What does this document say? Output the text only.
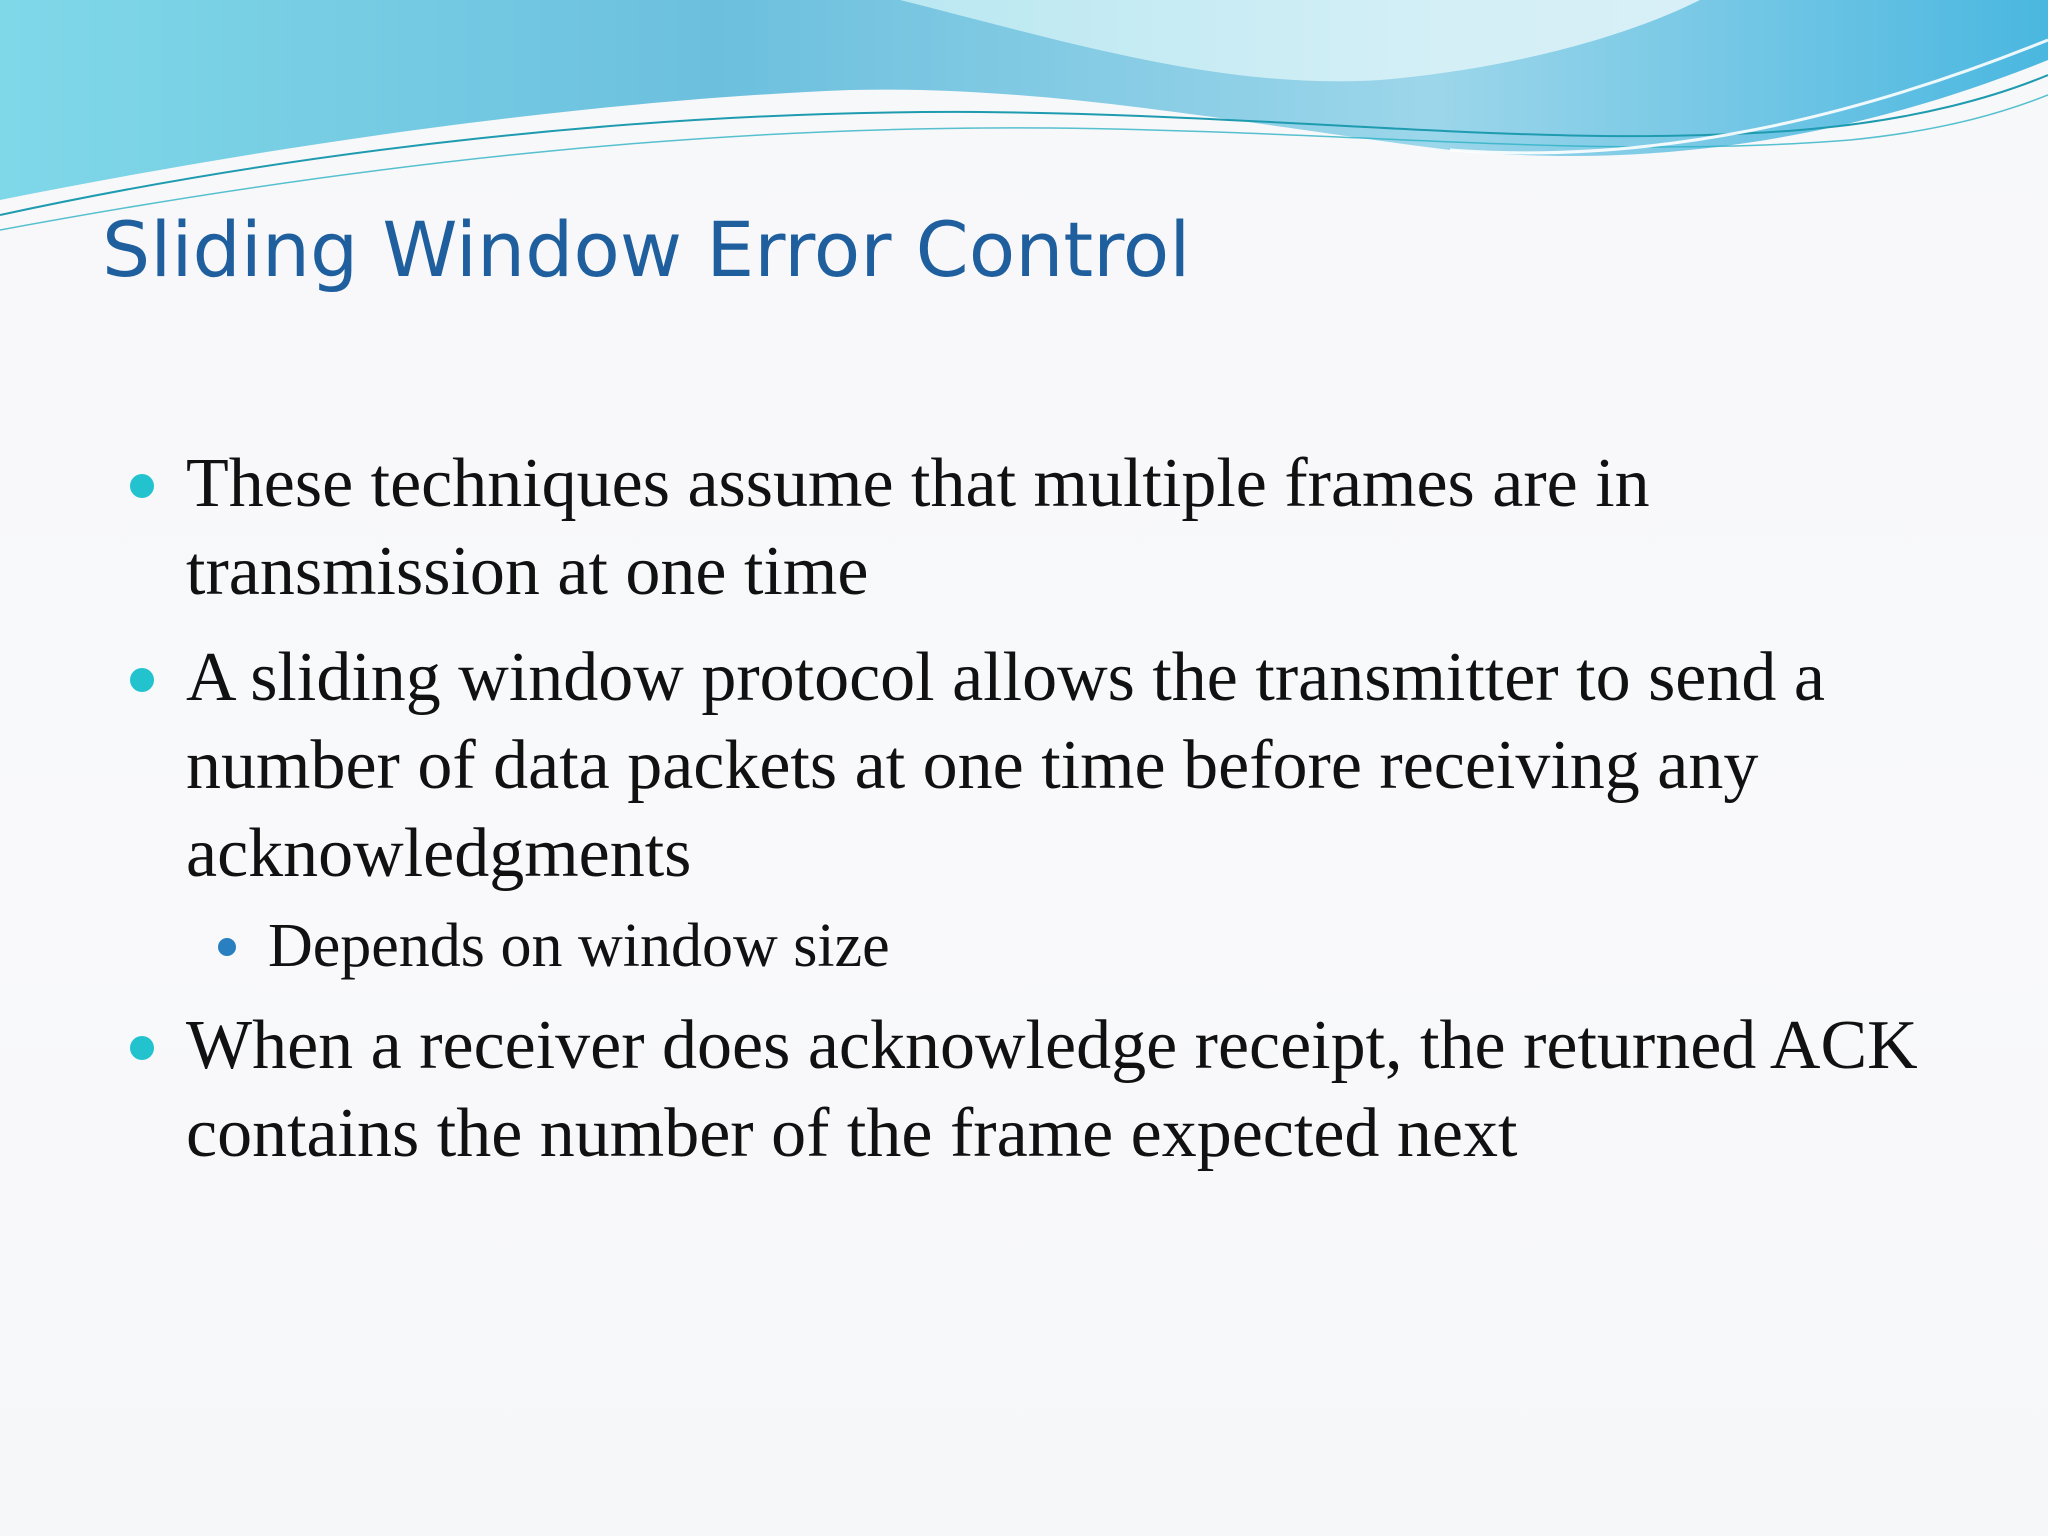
Sliding Window Error Control
These techniques assume that multiple frames are in transmission at one time
A sliding window protocol allows the transmitter to send a number of data packets at one time before receiving any acknowledgments
Depends on window size
When a receiver does acknowledge receipt, the returned ACK contains the number of the frame expected next
